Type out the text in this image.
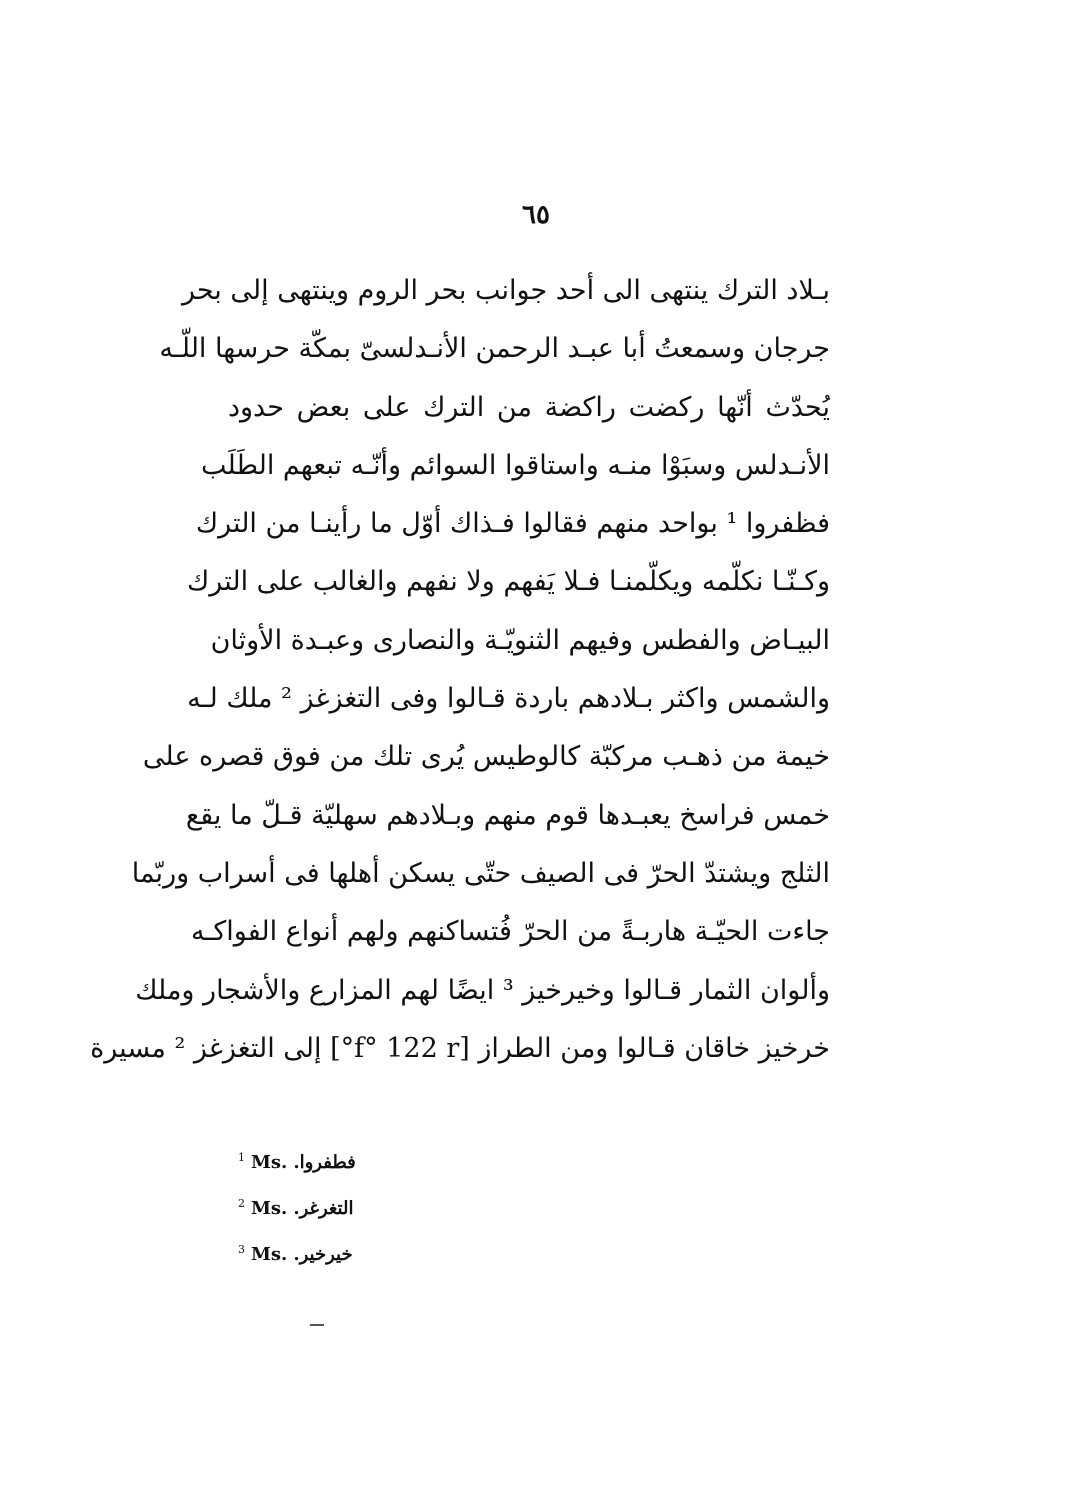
٦٥
بـلاد الترك ينتهى الى أحد جوانب بحر الروم وينتهى إلى بحر
جرجان وسمعتُ أبا عبـد الرحمن الأنـدلسىّ بمكّة حرسها اللّـه
يُحدّث أنّها ركضت راكضة من الترك على بعض حدود
الأنـدلس وسبَوْا منـه واستاقوا السوائم وأنّـه تبعهم الطَلَب
فظفروا ¹ بواحد منهم فقالوا فـذاك أوّل ما رأينـا من الترك
وكـنّـا نكلّمه ويكلّمنـا فـلا يَفهم ولا نفهم والغالب على الترك
البيـاض والفطس وفيهم الثنويّـة والنصارى وعبـدة الأوثان
والشمس واكثر بـلادهم باردة قـالوا وفى التغزغز ² ملك لـه
خيمة من ذهـب مركبّة كالوطيس يُرى تلك من فوق قصره على
خمس فراسخ يعبـدها قوم منهم وبـلادهم سهليّة قـلّ ما يقع
الثلج ويشتدّ الحرّ فى الصيف حتّى يسكن أهلها فى أسراب وربّما
جاءت الحيّـة هاربـةً من الحرّ فُتساكنهم ولهم أنواع الفواكـه
وألوان الثمار قـالوا وخيرخيز ³ ايضًا لهم المزارع والأشجار وملك
خرخيز خاقان قـالوا ومن الطراز [f° 122 r°] إلى التغزغز ² مسيرة
$^1$ Ms. فطفروا.
$^2$ Ms. التغرغر.
$^3$ Ms. خيرخير.
